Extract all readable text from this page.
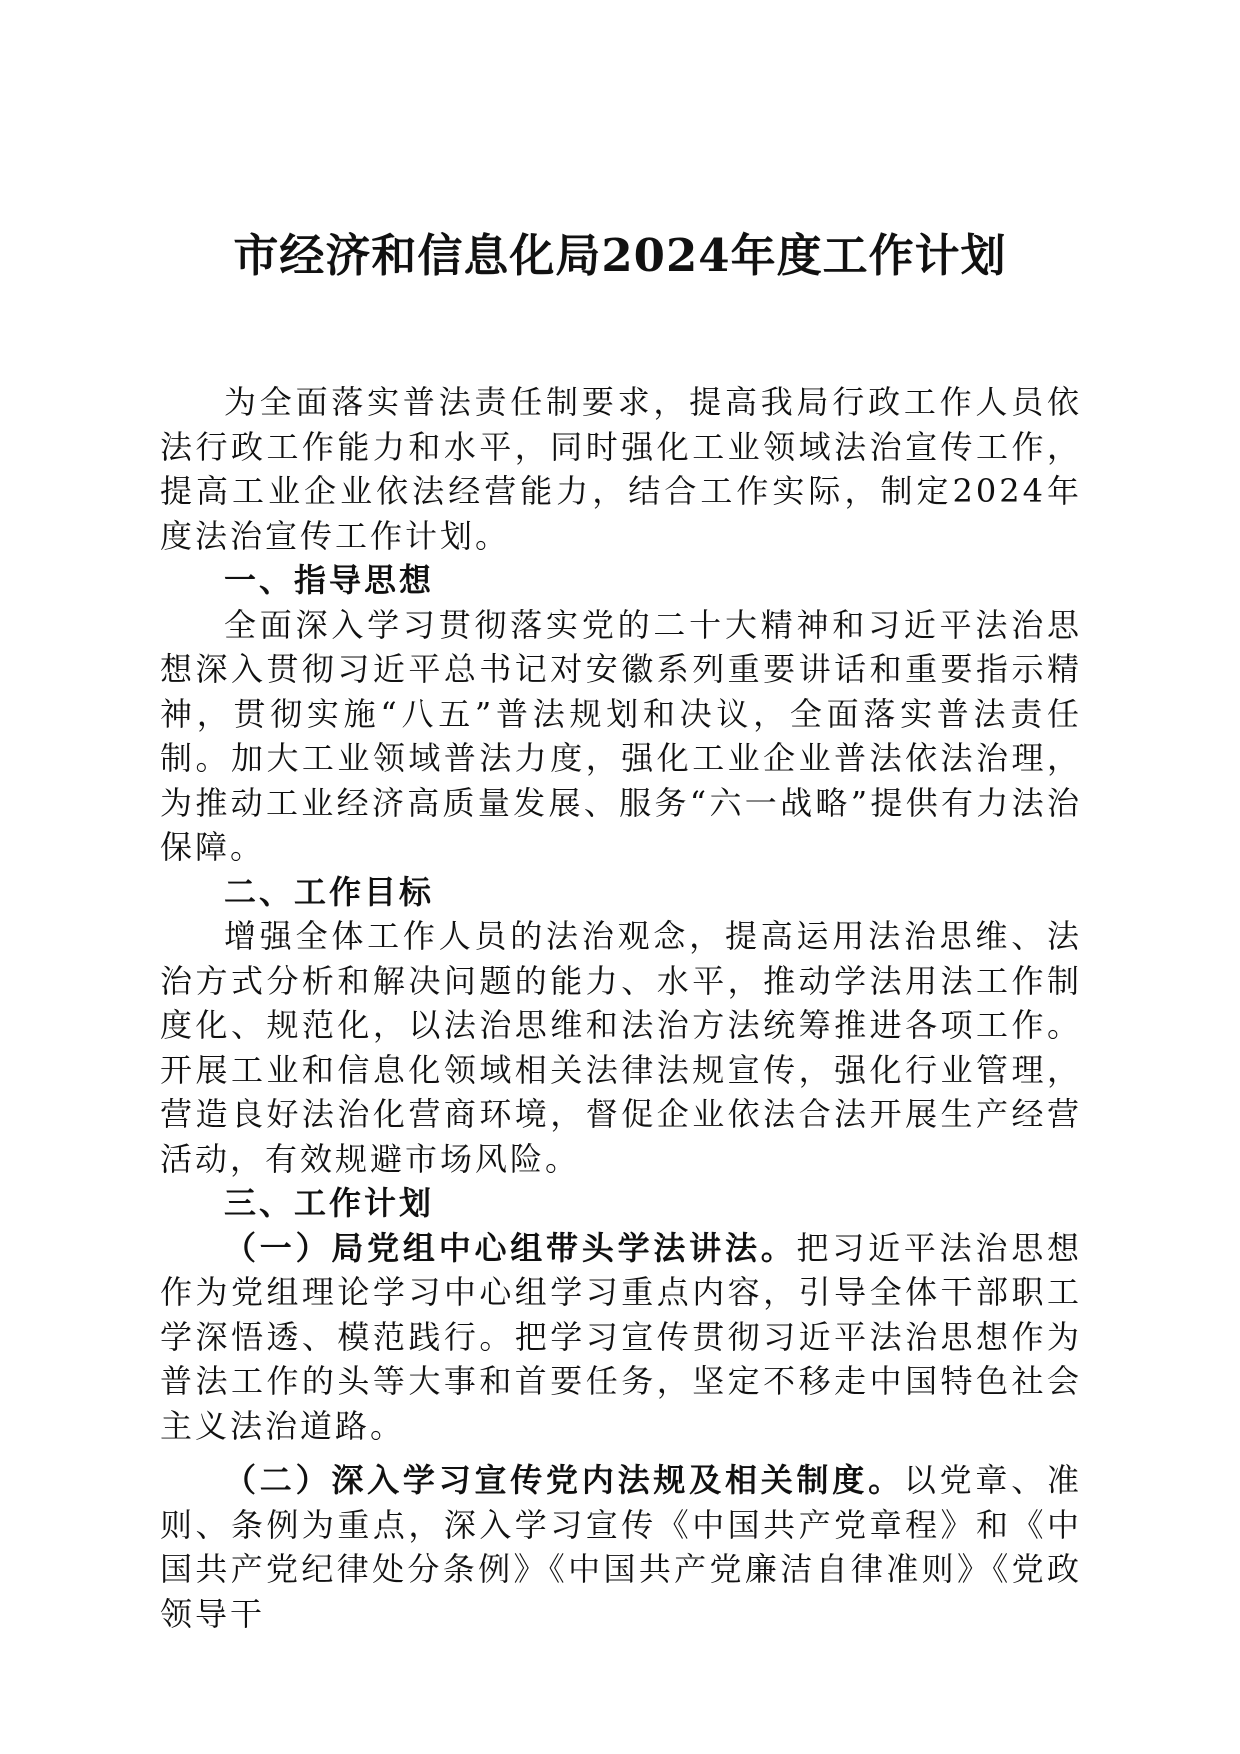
市经济和信息化局2024年度工作计划

为全面落实普法责任制要求，提高我局行政工作人员依法行政工作能力和水平，同时强化工业领域法治宣传工作，提高工业企业依法经营能力，结合工作实际，制定2024年度法治宣传工作计划。

一、指导思想

全面深入学习贯彻落实党的二十大精神和习近平法治思想深入贯彻习近平总书记对安徽系列重要讲话和重要指示精神，贯彻实施“八五”普法规划和决议，全面落实普法责任制。加大工业领域普法力度，强化工业企业普法依法治理，为推动工业经济高质量发展、服务“六一战略”提供有力法治保障。

二、工作目标

增强全体工作人员的法治观念，提高运用法治思维、法治方式分析和解决问题的能力、水平，推动学法用法工作制度化、规范化，以法治思维和法治方法统筹推进各项工作。开展工业和信息化领域相关法律法规宣传，强化行业管理，营造良好法治化营商环境，督促企业依法合法开展生产经营活动，有效规避市场风险。

三、工作计划

（一）局党组中心组带头学法讲法。把习近平法治思想作为党组理论学习中心组学习重点内容，引导全体干部职工学深悟透、模范践行。把学习宣传贯彻习近平法治思想作为普法工作的头等大事和首要任务，坚定不移走中国特色社会主义法治道路。

（二）深入学习宣传党内法规及相关制度。以党章、准则、条例为重点，深入学习宣传《中国共产党章程》和《中国共产党纪律处分条例》《中国共产党廉洁自律准则》《党政领导干
